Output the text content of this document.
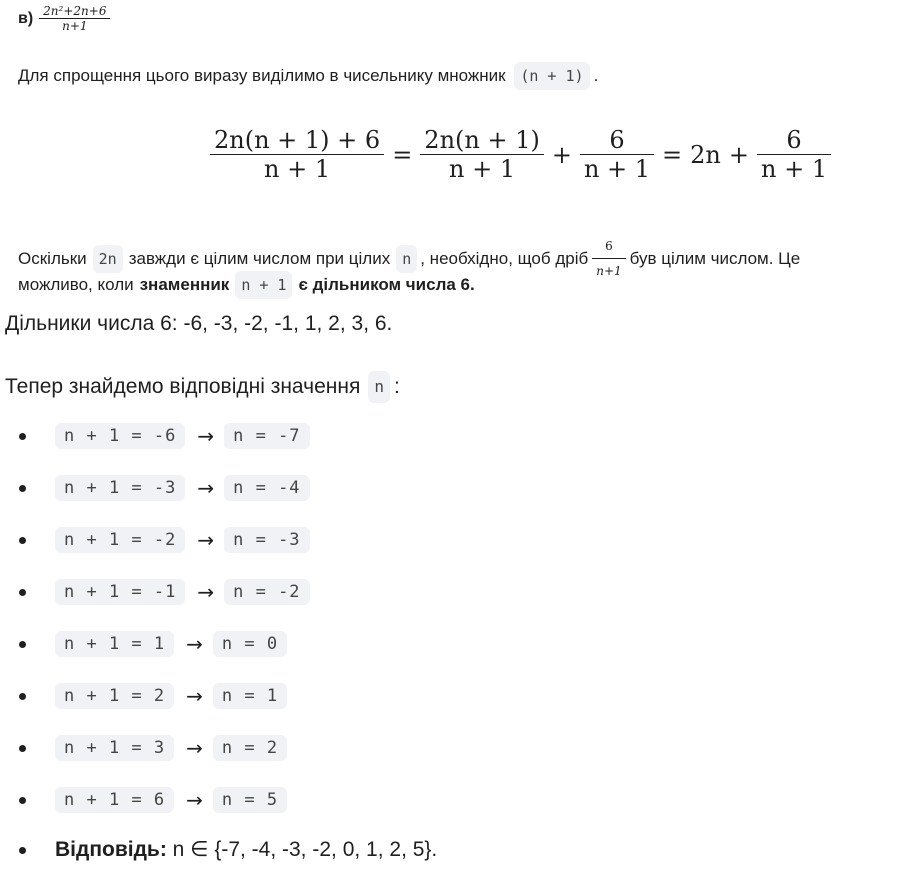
$в) \frac{\text{2n²+2n+6}}{n+1}$
Для спрощення цього виразу виділимо в чисельнику множник (n + 1) .
$\frac{2n(n + 1) + 6}{n + 1} = \frac{2n(n + 1)}{n + 1} + \frac{6}{n + 1} = 2n + \frac{6}{n + 1}$
Оскільки 2n завжди є цілим числом при цілих n , необхідно, щоб дріб $\frac{6}{n+1}$ був цілим числом. Це
можливо, коли знаменник n + 1 є дільником числа 6.
Дільники числа 6: -6, -3, -2, -1, 1, 2, 3, 6.
Тепер знайдемо відповідні значення n :
n + 1 = -6	→	n = -7
n + 1 = -3	→	n = -4
n + 1 = -2	→	n = -3
n + 1 = -1	→	n = -2
n + 1 = 1	→	n = 0
n + 1 = 2	→	n = 1
n + 1 = 3	→	n = 2
n + 1 = 6	→	n = 5
Відповідь: n ∈ {-7, -4, -3, -2, 0, 1, 2, 5}.
